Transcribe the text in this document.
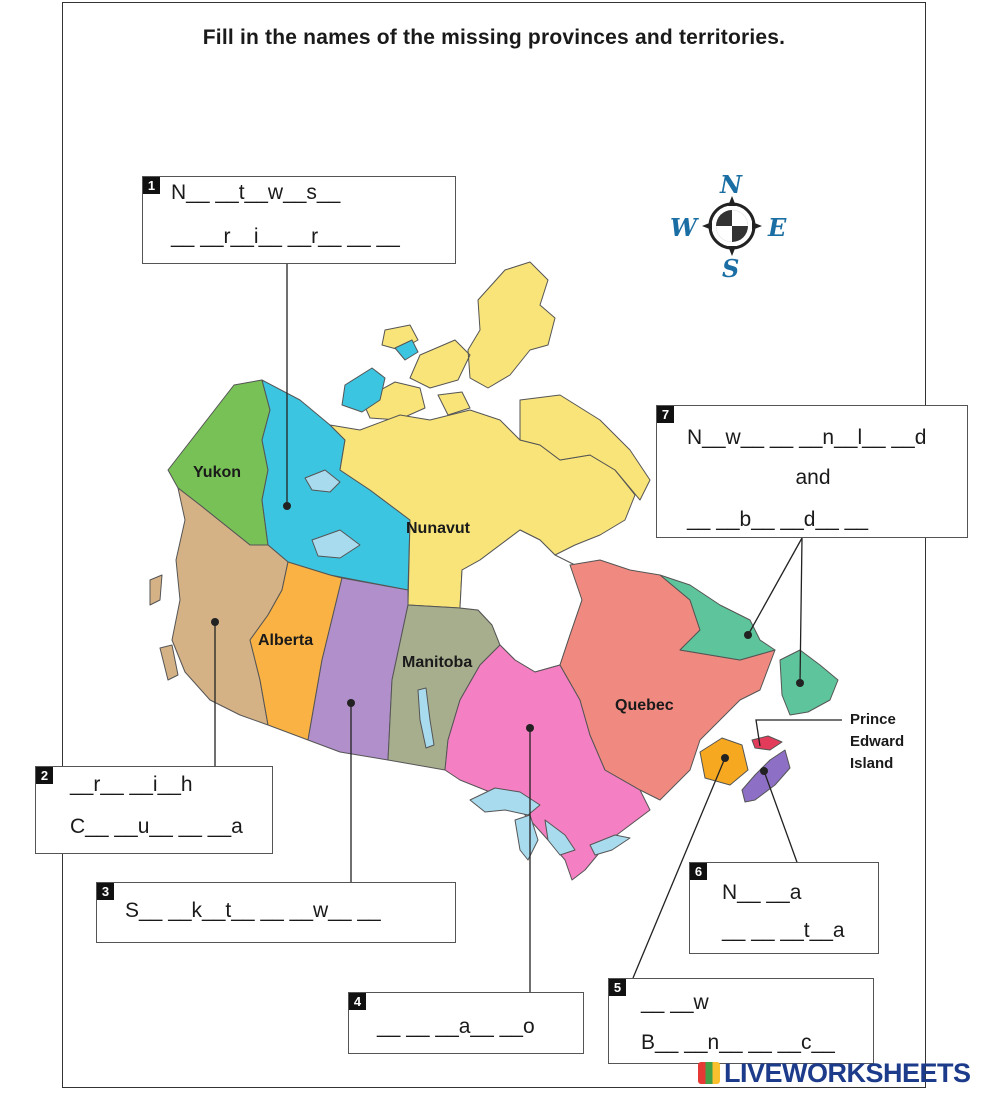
Fill in the names of the missing provinces and territories.
N
S
W	E
Yukon
Nunavut
Alberta
Manitoba
Quebec
Prince
Edward
Island
1 N__ __t__w__s__
__ __r__i__ __r__ __ __
2 __r__ __i__h
C__ __u__ __ __a
3
S__ __k__t__ __ __w__ __
4
__ __ __a__ __o
5
__ __w
B__ __n__ __ __c__
6
N__ __a
__ __ __t__a
7
N__w__ __ __n__l__ __d
and
__ __b__ __d__ __
LIVEWORKSHEETS
